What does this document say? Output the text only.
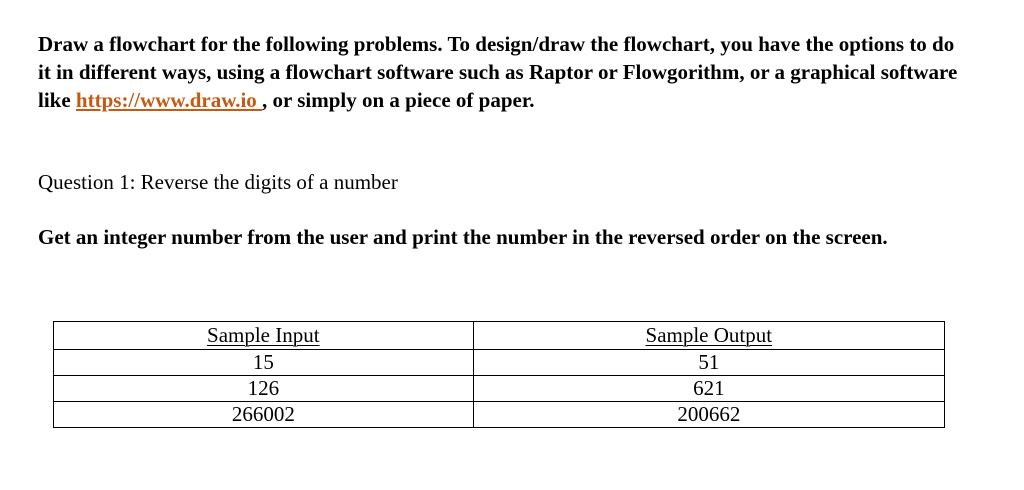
Draw a flowchart for the following problems. To design/draw the flowchart, you have the options to do it in different ways, using a flowchart software such as Raptor or Flowgorithm, or a graphical software like https://www.draw.io , or simply on a piece of paper.

Question 1: Reverse the digits of a number

Get an integer number from the user and print the number in the reversed order on the screen.

Sample Input	Sample Output
15	51
126	621
266002	200662
